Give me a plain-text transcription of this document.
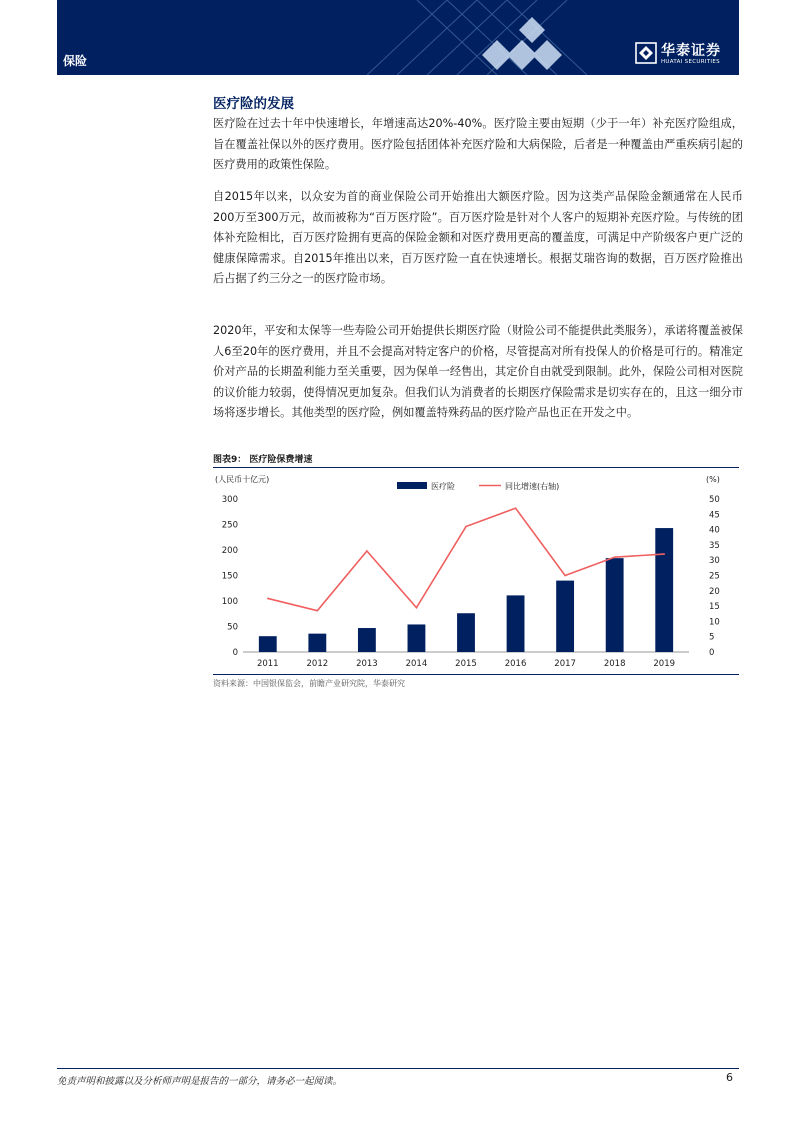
保险
华泰证券
HUATAI SECURITIES
医疗险的发展
医疗险在过去十年中快速增长，年增速高达20%-40%。医疗险主要由短期（少于一年）补充医疗险组成，旨在覆盖社保以外的医疗费用。医疗险包括团体补充医疗险和大病保险，后者是一种覆盖由严重疾病引起的医疗费用的政策性保险。
自2015年以来，以众安为首的商业保险公司开始推出大额医疗险。因为这类产品保险金额通常在人民币200万至300万元，故而被称为“百万医疗险”。百万医疗险是针对个人客户的短期补充医疗险。与传统的团体补充险相比，百万医疗险拥有更高的保险金额和对医疗费用更高的覆盖度，可满足中产阶级客户更广泛的健康保障需求。自2015年推出以来，百万医疗险一直在快速增长。根据艾瑞咨询的数据，百万医疗险推出后占据了约三分之一的医疗险市场。
2020年，平安和太保等一些寿险公司开始提供长期医疗险（财险公司不能提供此类服务），承诺将覆盖被保人6至20年的医疗费用，并且不会提高对特定客户的价格，尽管提高对所有投保人的价格是可行的。精准定价对产品的长期盈利能力至关重要，因为保单一经售出，其定价自由就受到限制。此外，保险公司相对医院的议价能力较弱，使得情况更加复杂。但我们认为消费者的长期医疗保险需求是切实存在的，且这一细分市场将逐步增长。其他类型的医疗险，例如覆盖特殊药品的医疗险产品也正在开发之中。
图表9： 医疗险保费增速
(人民币十亿元)	(%)
0
50
100
150
200
250
300
0
5
10
15
20
25
30
35
40
45
50
2011	2012	2013	2014	2015	2016	2017	2018	2019
医疗险	同比增速(右轴)
资料来源：中国银保监会，前瞻产业研究院，华泰研究
免责声明和披露以及分析师声明是报告的一部分，请务必一起阅读。	6
